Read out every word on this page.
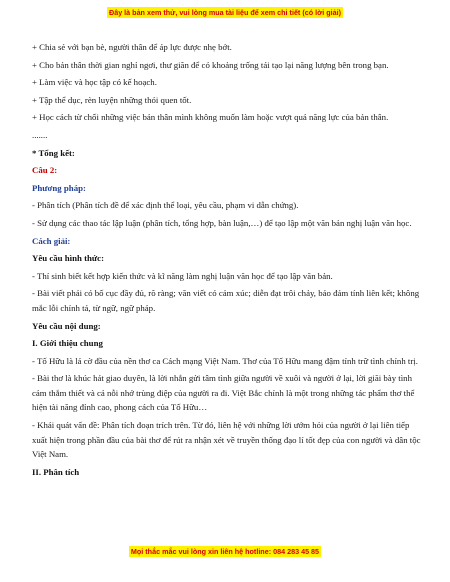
Đây là bản xem thử, vui lòng mua tài liệu để xem chi tiết (có lời giải)

+ Chia sẻ với bạn bè, người thân để áp lực được nhẹ bớt.

+ Cho bản thân thời gian nghỉ ngơi, thư giãn để có khoảng trống tái tạo lại năng lượng bên trong bạn.

+ Làm việc và học tập có kế hoạch.

+ Tập thể dục, rèn luyện những thói quen tốt.

+ Học cách từ chối những việc bản thân mình không muốn làm hoặc vượt quá năng lực của bản thân.

.......

* Tổng kết:

Câu 2:

Phương pháp:

- Phân tích (Phân tích đề để xác định thể loại, yêu cầu, phạm vi dẫn chứng).

- Sử dụng các thao tác lập luận (phân tích, tổng hợp, bàn luận,…) để tạo lập một văn bản nghị luận văn học.

Cách giải:

Yêu cầu hình thức:

- Thí sinh biết kết hợp kiến thức và kĩ năng làm nghị luận văn học để tạo lập văn bản.

- Bài viết phải có bố cục đầy đủ, rõ ràng; văn viết có cảm xúc; diễn đạt trôi chảy, bảo đảm tính liên kết; không mắc lỗi chính tả, từ ngữ, ngữ pháp.

Yêu cầu nội dung:

I. Giới thiệu chung

- Tố Hữu là lá cờ đầu của nền thơ ca Cách mạng Việt Nam. Thơ của Tố Hữu mang đậm tính trữ tình chính trị.

- Bài thơ là khúc hát giao duyên, là lời nhắn gửi tâm tình giữa người về xuôi và người ở lại, lời giãi bày tình cảm thắm thiết và cả nỗi nhớ trùng điệp của người ra đi. Việt Bắc chính là một trong những tác phẩm thơ thể hiện tài năng đỉnh cao, phong cách của Tố Hữu…

- Khái quát vấn đề: Phân tích đoạn trích trên. Từ đó, liên hệ với những lời ướm hỏi của người ở lại liên tiếp xuất hiện trong phần đầu của bài thơ để rút ra nhận xét về truyền thống đạo lí tốt đẹp của con người và dân tộc Việt Nam.

II. Phân tích

Mọi thắc mắc vui lòng xin liên hệ hotline: 084 283 45 85
